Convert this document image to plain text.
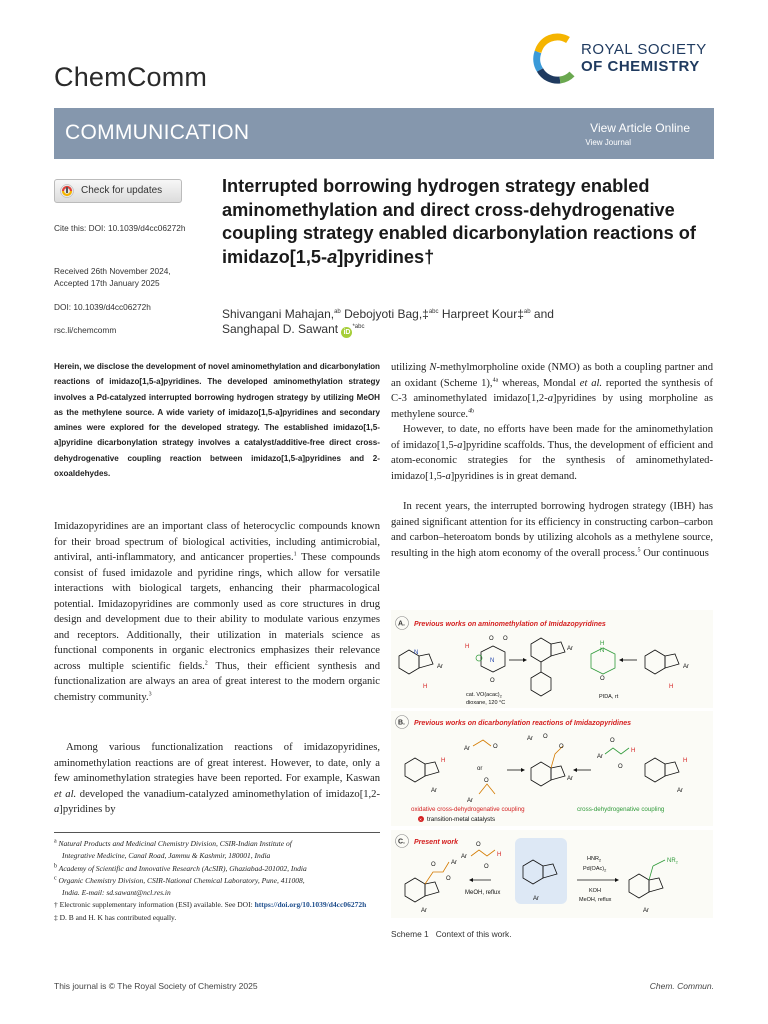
ChemComm
ROYAL SOCIETY
OF CHEMISTRY
COMMUNICATION	View Article Online
View Journal
Check for updates
Cite this: DOI: 10.1039/d4cc06272h
Received 26th November 2024,
Accepted 17th January 2025
DOI: 10.1039/d4cc06272h
rsc.li/chemcomm
Interrupted borrowing hydrogen strategy enabled aminomethylation and direct cross-dehydrogenative coupling strategy enabled dicarbonylation reactions of imidazo[1,5-a]pyridines†
Shivangani Mahajan,$^{ab}$ Debojyoti Bag,‡$^{abc}$ Harpreet Kour‡$^{ab}$ and
Sanghapal D. Sawant $iD^{*abc}$
Herein, we disclose the development of novel aminomethylation and dicarbonylation reactions of imidazo[1,5-a]pyridines. The developed aminomethylation strategy involves a Pd-catalyzed interrupted borrowing hydrogen strategy by utilizing MeOH as the methylene source. A wide variety of imidazo[1,5-a]pyridines and secondary amines were explored for the developed strategy. The established imidazo[1,5-a]pyridine dicarbonylation strategy involves a catalyst/additive-free direct cross-dehydrogenative coupling reaction between imidazo[1,5-a]pyridines and 2-oxoaldehydes.

Imidazopyridines are an important class of heterocyclic compounds known for their broad spectrum of biological activities, including antimicrobial, antiviral, anti-inflammatory, and anticancer properties.$^1$ These compounds consist of fused imidazole and pyridine rings, which allow for versatile interactions with biological targets, enhancing their pharmacological potential. Imidazopyridines are commonly used as core structures in drug design and development due to their ability to modulate various enzymes and receptors. Additionally, their utilization in materials science as functional components in organic electronics emphasizes their relevance across multiple scientific fields.$^2$ Thus, their efficient synthesis and functionalization are always an area of great interest to the modern organic chemistry community.$^3$

Among various functionalization reactions of imidazopyridines, aminomethylation reactions are of great interest. However, to date, only a few aminomethylation strategies have been reported. For example, Kaswan et al. developed the vanadium-catalyzed aminomethylation of imidazo[1,2-a]pyridines by

$^a$ Natural Products and Medicinal Chemistry Division, CSIR-Indian Institute of
Integrative Medicine, Canal Road, Jammu & Kashmir, 180001, India
$^b$ Academy of Scientific and Innovative Research (AcSIR), Ghaziabad-201002, India
$^c$ Organic Chemistry Division, CSIR-National Chemical Laboratory, Pune, 411008,
India. E-mail: sd.sawant@ncl.res.in
† Electronic supplementary information (ESI) available. See DOI: https://doi.org/10.1039/d4cc06272h
‡ D. B and H. K has contributed equally.

utilizing N-methylmorpholine oxide (NMO) as both a coupling partner and an oxidant (Scheme 1),$^{4a}$ whereas, Mondal et al. reported the synthesis of C-3 aminomethylated imidazo[1,2-a]pyridines by using morpholine as methylene source.$^{4b}$

However, to date, no efforts have been made for the aminomethylation of imidazo[1,5-a]pyridine scaffolds. Thus, the development of efficient and atom-economic strategies for the synthesis of aminomethylated-imidazo[1,5-a]pyridines is in great demand.

In recent years, the interrupted borrowing hydrogen strategy (IBH) has gained significant attention for its efficiency in constructing carbon–carbon and carbon–heteroatom bonds by utilizing alcohols as a methylene source, resulting in the high atom economy of the overall process.$^5$ Our continuous

A. Previous works on aminomethylation of Imidazopyridines
N
Ar
H
H
O O
N
O
cat. $VO(acac)_2$
dioxane, 120 °C
Ar
H
N
O
PIDA, rt
Ar
H
B. Previous works on dicarbonylation reactions of Imidazopyridines
H
Ar
Ar	O
or
O
Ar
O
O
Ar
Ar
Ar
O
O
H
H
Ar
oxidative cross-dehydrogenative coupling
× transition-metal catalysts
cross-dehydrogenative coupling
C. Present work
O
O
Ar
Ar
Ar
O
O
H
MeOH, reflux
Ar
$HNR_2$
$Pd(OAc)_2$
KOH
MeOH, reflux
$NR_2$
Ar
Scheme 1 Context of this work.
This journal is © The Royal Society of Chemistry 2025	Chem. Commun.
